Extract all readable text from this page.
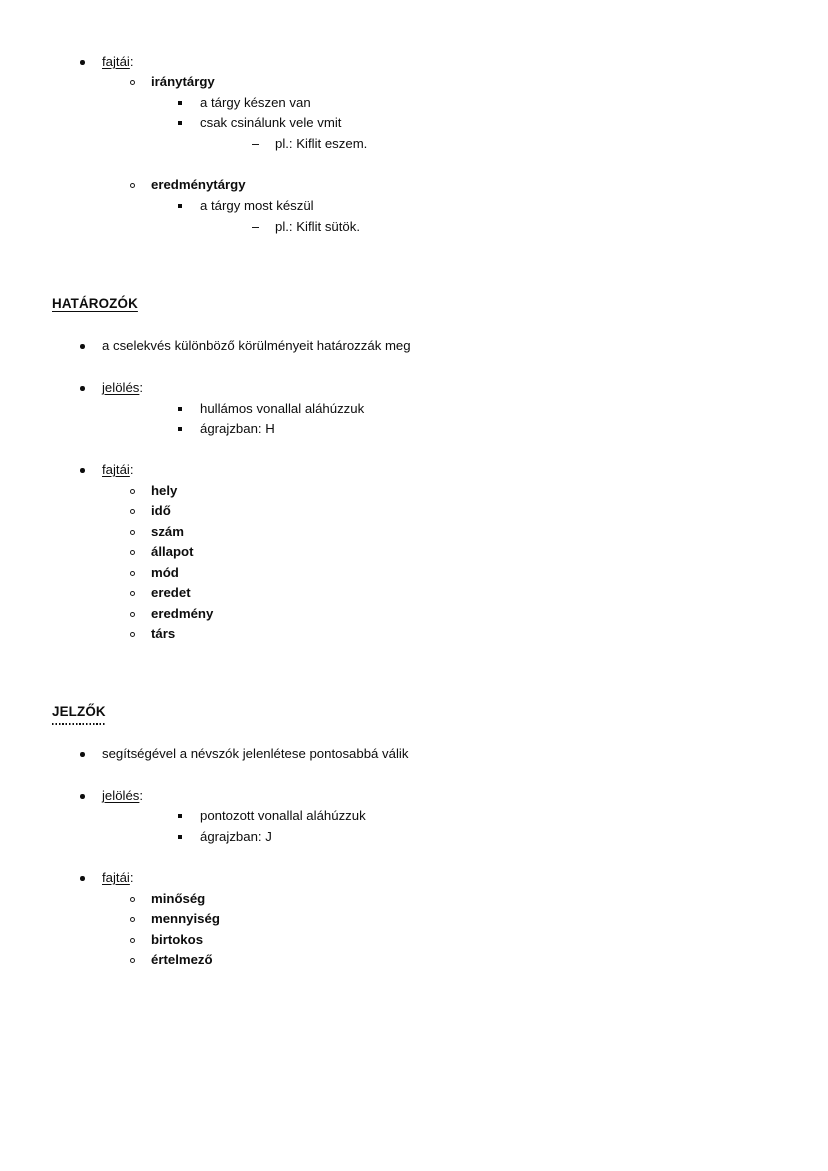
fajtái:
iránytárgy
a tárgy készen van
csak csinálunk vele vmit
pl.: Kiflit eszem.
eredménytárgy
a tárgy most készül
pl.: Kiflit sütök.
HATÁROZÓK
a cselekvés különböző körülményeit határozzák meg
jelölés:
hullámos vonallal aláhúzzuk
ágrajzban: H
fajtái:
hely
idő
szám
állapot
mód
eredet
eredmény
társ
JELZŐK
segítségével a névszók jelenlétese pontosabbá válik
jelölés:
pontozott vonallal aláhúzzuk
ágrajzban: J
fajtái:
minőség
mennyiség
birtokos
értelmező
